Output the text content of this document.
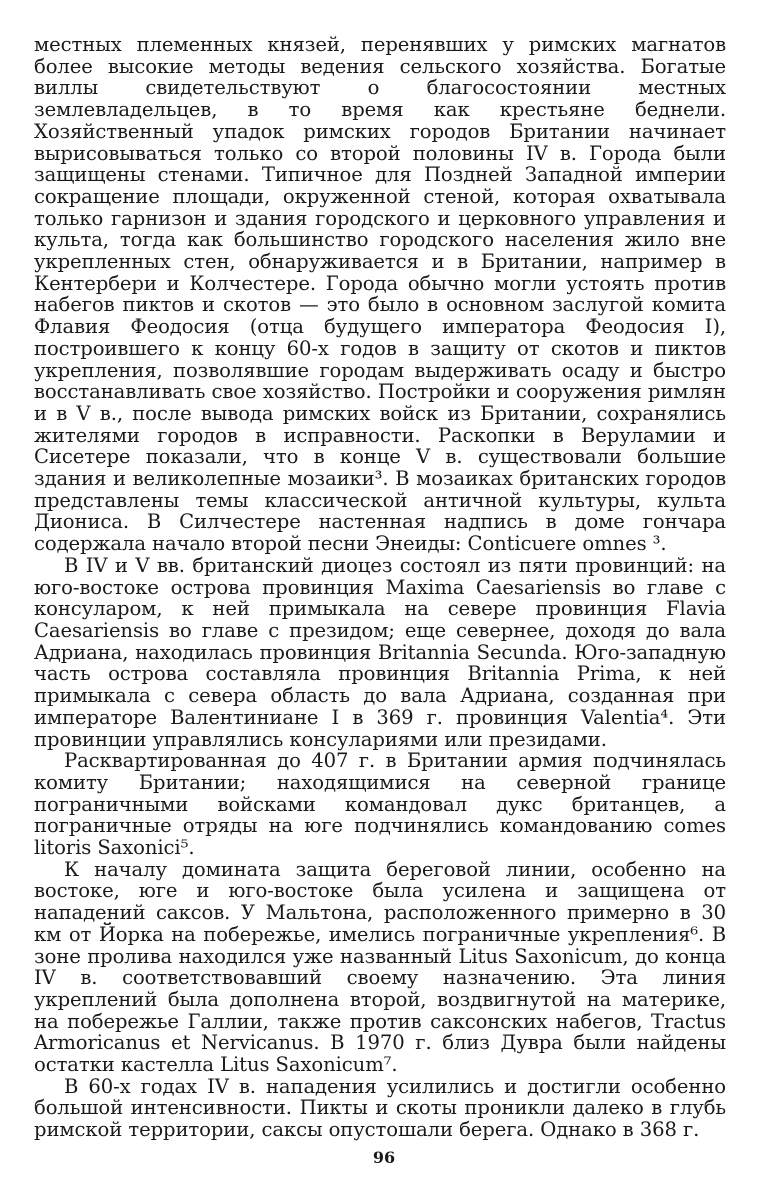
местных племенных князей, перенявших у римских магнатов более высокие методы ведения сельского хозяйства. Богатые виллы свидетельствуют о благосостоянии местных землевладельцев, в то время как крестьяне беднели. Хозяйственный упадок римских городов Британии начинает вырисовываться только со второй половины IV в. Города были защищены стенами. Типичное для Поздней Западной империи сокращение площади, окруженной стеной, которая охватывала только гарнизон и здания городского и церковного управления и культа, тогда как большинство городского населения жило вне укрепленных стен, обнаруживается и в Британии, например в Кентербери и Колчестере. Города обычно могли устоять против набегов пиктов и скотов — это было в основном заслугой комита Флавия Феодосия (отца будущего императора Феодосия I), построившего к концу 60-х годов в защиту от скотов и пиктов укрепления, позволявшие городам выдерживать осаду и быстро восстанавливать свое хозяйство. Постройки и сооружения римлян и в V в., после вывода римских войск из Британии, сохранялись жителями городов в исправности. Раскопки в Веруламии и Сисетере показали, что в конце V в. существовали большие здания и великолепные мозаики³. В мозаиках британских городов представлены темы классической античной культуры, культа Диониса. В Силчестере настенная надпись в доме гончара содержала начало второй песни Энеиды: Conticuere omnes ³.

В IV и V вв. британский диоцез состоял из пяти провинций: на юго-востоке острова провинция Maxima Caesariensis во главе с консуларом, к ней примыкала на севере провинция Flavia Caesariensis во главе с президом; еще севернее, доходя до вала Адриана, находилась провинция Britannia Secunda. Юго-западную часть острова составляла провинция Britannia Prima, к ней примыкала с севера область до вала Адриана, созданная при императоре Валентиниане I в 369 г. провинция Valentia⁴. Эти провинции управлялись консулариями или президами.

Расквартированная до 407 г. в Британии армия подчинялась комиту Британии; находящимися на северной границе пограничными войсками командовал дукс британцев, а пограничные отряды на юге подчинялись командованию comes litoris Saxonici⁵.

К началу домината защита береговой линии, особенно на востоке, юге и юго-востоке была усилена и защищена от нападений саксов. У Мальтона, расположенного примерно в 30 км от Йорка на побережье, имелись пограничные укрепления⁶. В зоне пролива находился уже названный Litus Saxonicum, до конца IV в. соответствовавший своему назначению. Эта линия укреплений была дополнена второй, воздвигнутой на материке, на побережье Галлии, также против саксонских набегов, Tractus Armoricanus et Nervicanus. В 1970 г. близ Дувра были найдены остатки кастелла Litus Saxonicum⁷.

В 60-х годах IV в. нападения усилились и достигли особенно большой интенсивности. Пикты и скоты проникли далеко в глубь римской территории, саксы опустошали берега. Однако в 368 г.

96
